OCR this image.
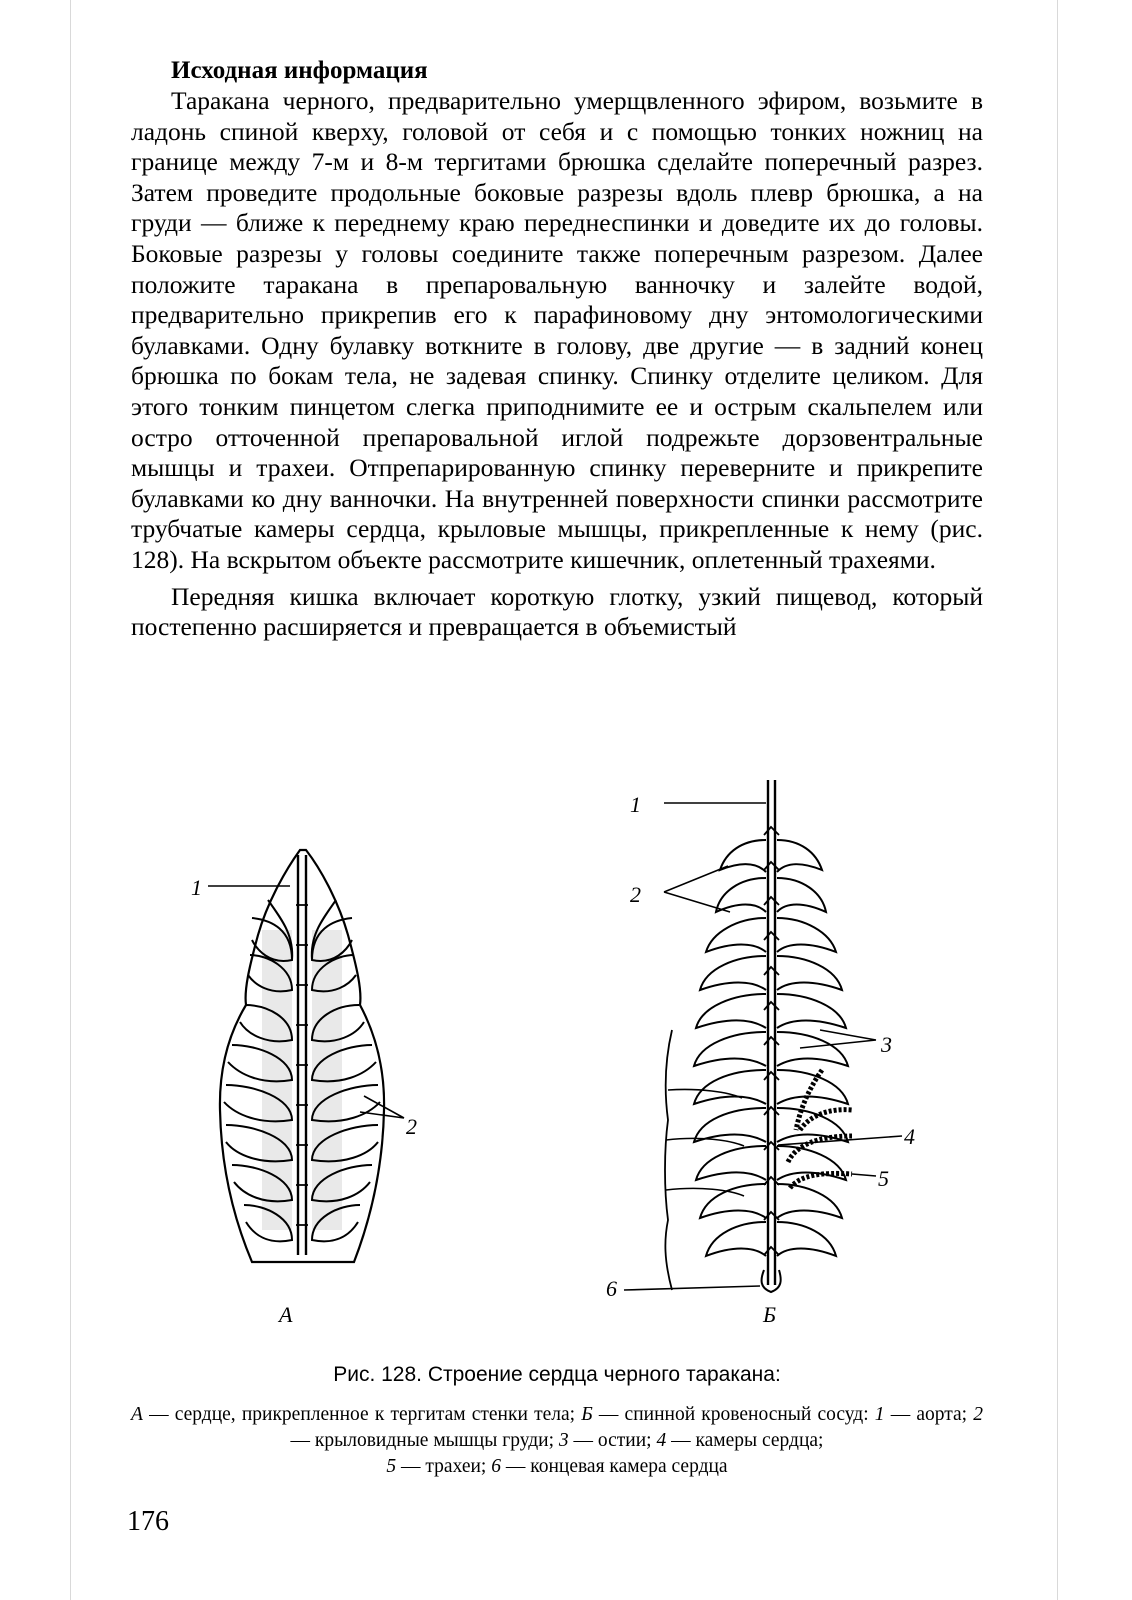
Исходная информация

Таракана черного, предварительно умерщвленного эфиром, возьмите в ладонь спиной кверху, головой от себя и с помощью тонких ножниц на границе между 7-м и 8-м тергитами брюшка сделайте поперечный разрез. Затем проведите продольные боковые разрезы вдоль плевр брюшка, а на груди — ближе к переднему краю переднеспинки и доведите их до головы. Боковые разрезы у головы соедините также поперечным разрезом. Далее положите таракана в препаровальную ванночку и залейте водой, предварительно прикрепив его к парафиновому дну энтомологическими булавками. Одну булавку воткните в голову, две другие — в задний конец брюшка по бокам тела, не задевая спинку. Спинку отделите целиком. Для этого тонким пинцетом слегка приподнимите ее и острым скальпелем или остро отточенной препаровальной иглой подрежьте дорзовентральные мышцы и трахеи. Отпрепарированную спинку переверните и прикрепите булавками ко дну ванночки. На внутренней поверхности спинки рассмотрите трубчатые камеры сердца, крыловые мышцы, прикрепленные к нему (рис. 128). На вскрытом объекте рассмотрите кишечник, оплетенный трахеями.

Передняя кишка включает короткую глотку, узкий пищевод, который постепенно расширяется и превращается в объемистый

1
2
А
1
2
3
4
5
6
Б
Рис. 128. Строение сердца черного таракана:
А — сердце, прикрепленное к тергитам стенки тела; Б — спинной кровеносный сосуд: 1 — аорта; 2 — крыловидные мышцы груди; 3 — остии; 4 — камеры сердца;
5 — трахеи; 6 — концевая камера сердца
176
